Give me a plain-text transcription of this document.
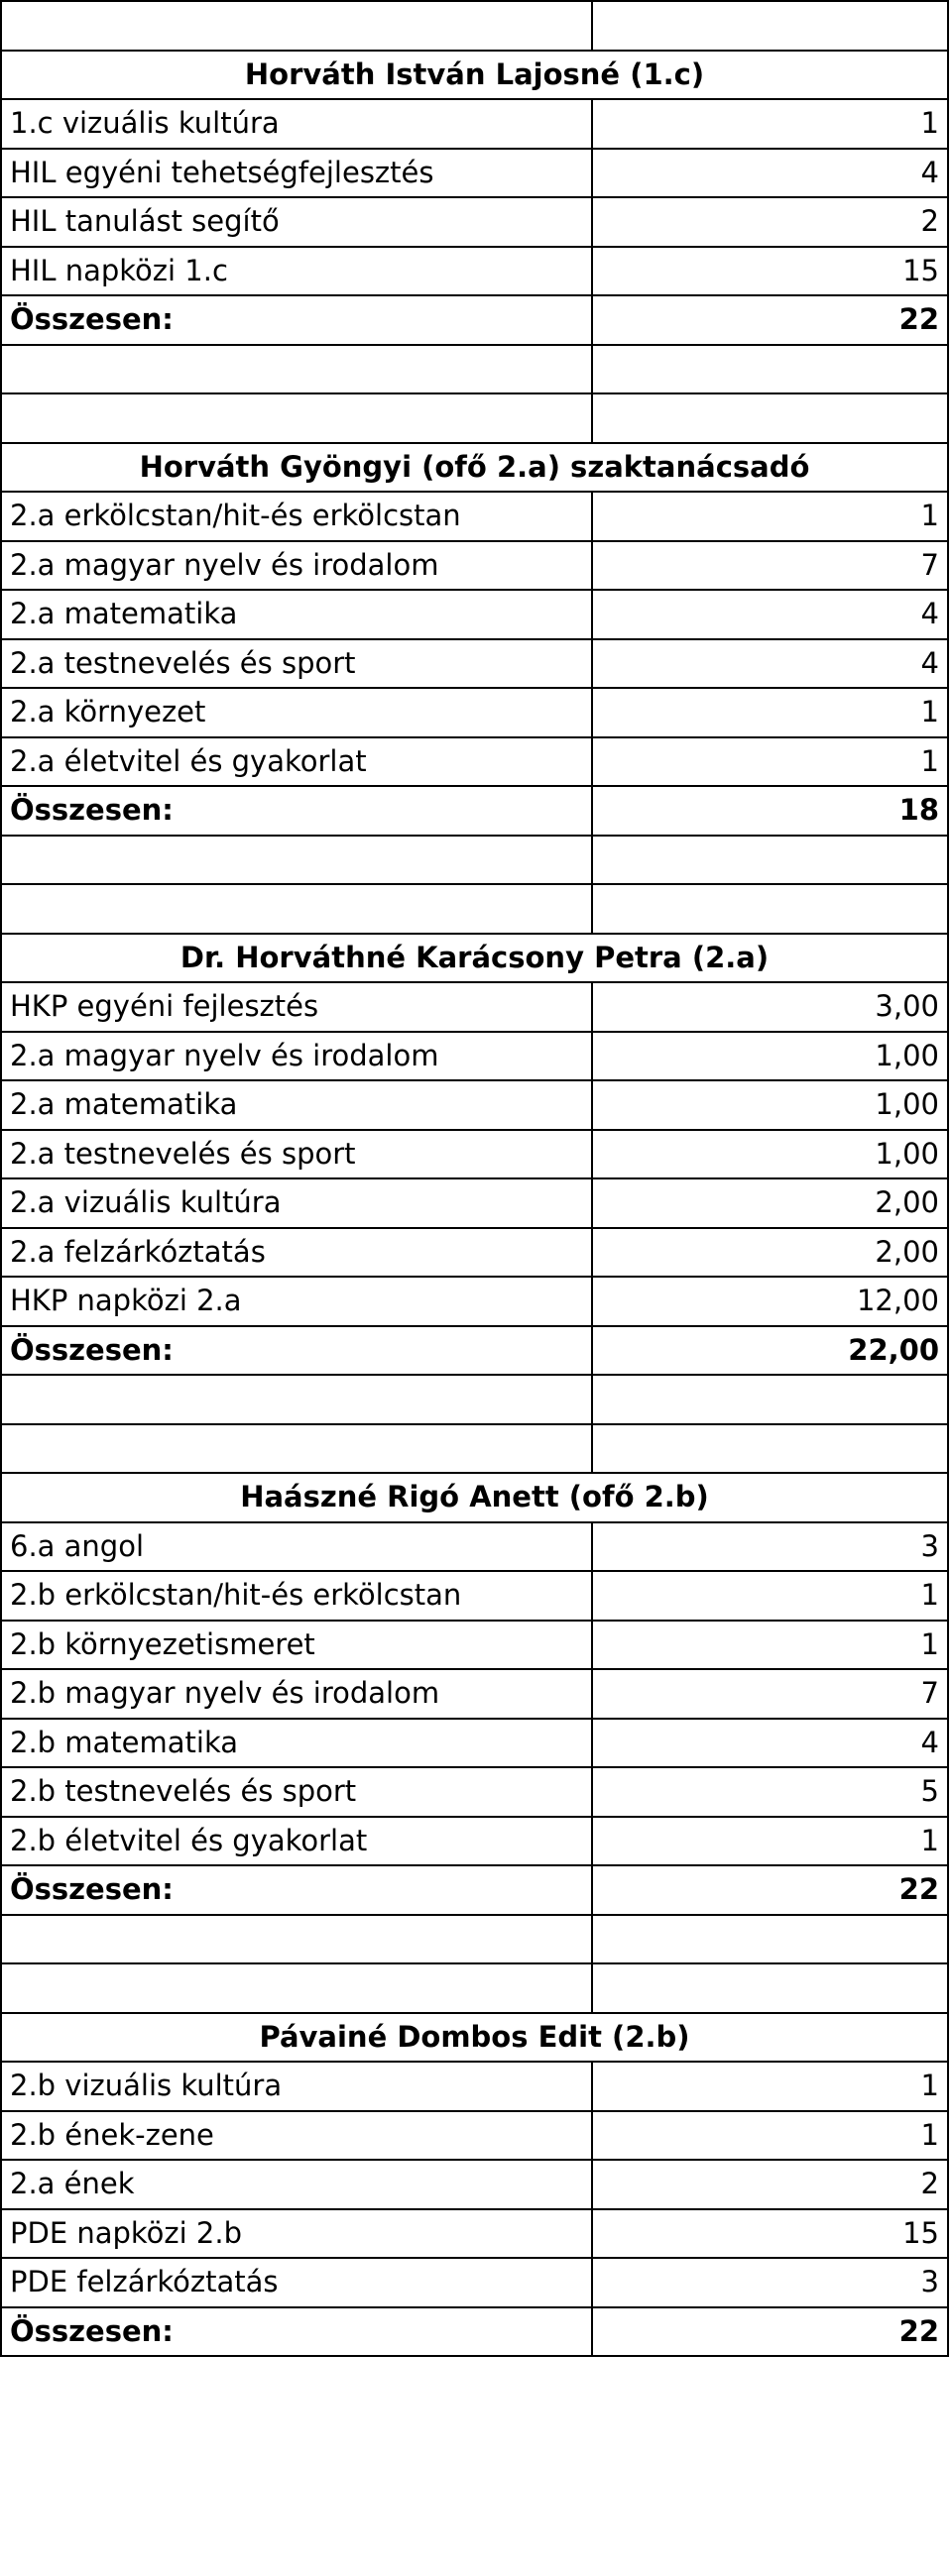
Horváth István Lajosné (1.c)	
1.c vizuális kultúra	1
HIL egyéni tehetségfejlesztés	4
HIL tanulást segítő	2
HIL napközi 1.c	15
Összesen:	22

Horváth Gyöngyi (ofő 2.a) szaktanácsadó	
2.a erkölcstan/hit-és erkölcstan	1
2.a magyar nyelv és irodalom	7
2.a matematika	4
2.a testnevelés és sport	4
2.a környezet	1
2.a életvitel és gyakorlat	1
Összesen:	18

Dr. Horváthné Karácsony Petra (2.a)	
HKP egyéni fejlesztés	3,00
2.a magyar nyelv és irodalom	1,00
2.a matematika	1,00
2.a testnevelés és sport	1,00
2.a vizuális kultúra	2,00
2.a felzárkóztatás	2,00
HKP napközi 2.a	12,00
Összesen:	22,00

Haászné Rigó Anett (ofő 2.b)	
6.a angol	3
2.b erkölcstan/hit-és erkölcstan	1
2.b környezetismeret	1
2.b magyar nyelv és irodalom	7
2.b matematika	4
2.b testnevelés és sport	5
2.b életvitel és gyakorlat	1
Összesen:	22

Pávainé Dombos Edit (2.b)	
2.b vizuális kultúra	1
2.b ének-zene	1
2.a ének	2
PDE napközi 2.b	15
PDE felzárkóztatás	3
Összesen:	22
